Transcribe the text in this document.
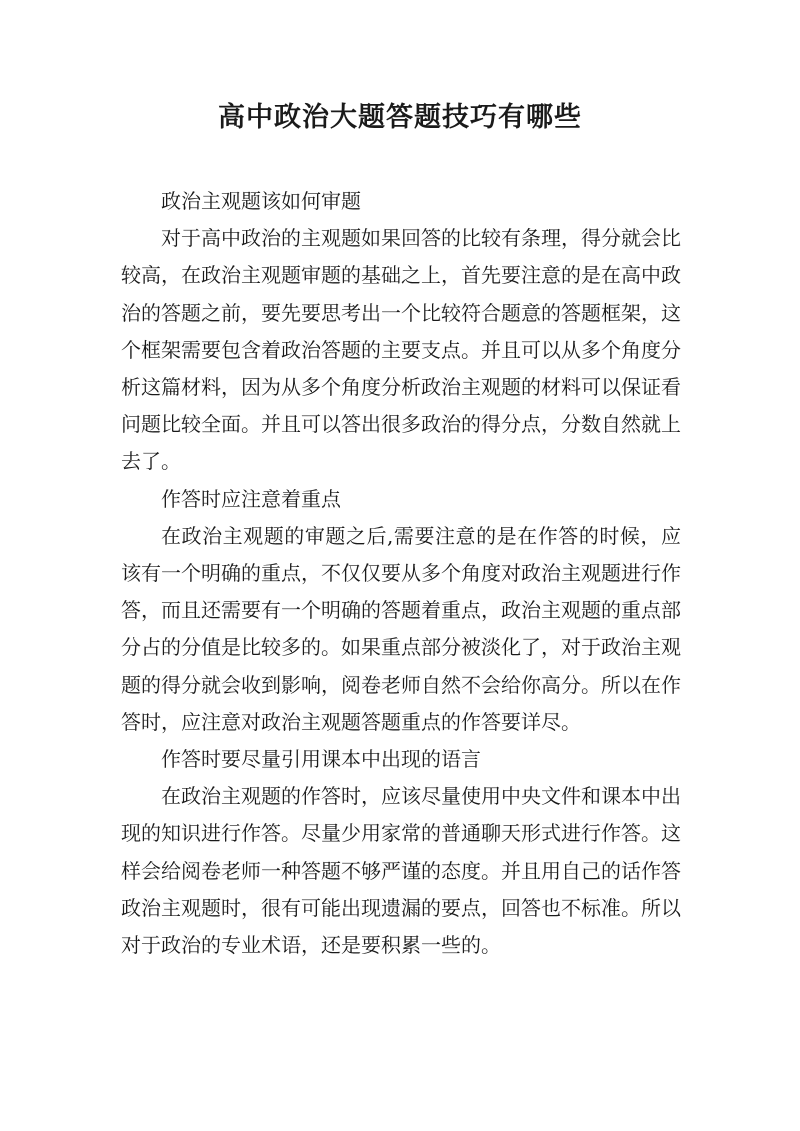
高中政治大题答题技巧有哪些

政治主观题该如何审题

对于高中政治的主观题如果回答的比较有条理，得分就会比较高，在政治主观题审题的基础之上，首先要注意的是在高中政治的答题之前，要先要思考出一个比较符合题意的答题框架，这个框架需要包含着政治答题的主要支点。并且可以从多个角度分析这篇材料，因为从多个角度分析政治主观题的材料可以保证看问题比较全面。并且可以答出很多政治的得分点，分数自然就上去了。

作答时应注意着重点

在政治主观题的审题之后,需要注意的是在作答的时候，应该有一个明确的重点，不仅仅要从多个角度对政治主观题进行作答，而且还需要有一个明确的答题着重点，政治主观题的重点部分占的分值是比较多的。如果重点部分被淡化了，对于政治主观题的得分就会收到影响，阅卷老师自然不会给你高分。所以在作答时，应注意对政治主观题答题重点的作答要详尽。

作答时要尽量引用课本中出现的语言

在政治主观题的作答时，应该尽量使用中央文件和课本中出现的知识进行作答。尽量少用家常的普通聊天形式进行作答。这样会给阅卷老师一种答题不够严谨的态度。并且用自己的话作答政治主观题时，很有可能出现遗漏的要点，回答也不标准。所以对于政治的专业术语，还是要积累一些的。
